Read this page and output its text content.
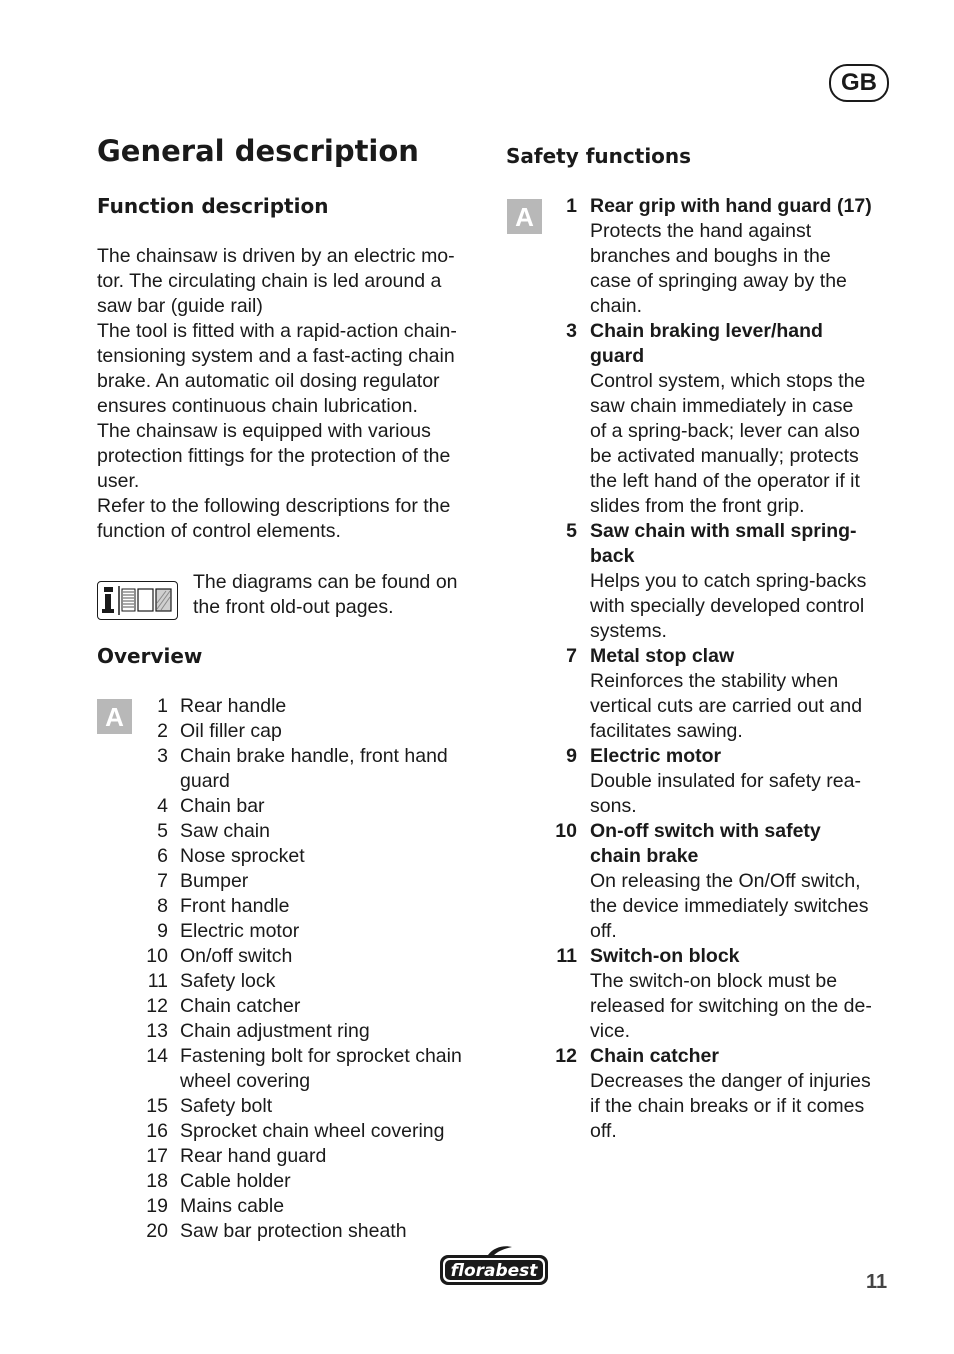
GB
General description
Function description

The chainsaw is driven by an electric mo-
tor. The circulating chain is led around a
saw bar (guide rail)
The tool is fitted with a rapid-action chain-
tensioning system and a fast-acting chain
brake. An automatic oil dosing regulator
ensures continuous chain lubrication.
The chainsaw is equipped with various
protection fittings for the protection of the
user.
Refer to the following descriptions for the
function of control elements.

The diagrams can be found on
the front old-out pages.
Overview
A	1 Rear handle
2 Oil filler cap
3 Chain brake handle, front hand
guard
4 Chain bar
5 Saw chain
6 Nose sprocket
7 Bumper
8 Front handle
9 Electric motor
10 On/off switch
11 Safety lock
12 Chain catcher
13 Chain adjustment ring
14 Fastening bolt for sprocket chain
wheel covering
15 Safety bolt
16 Sprocket chain wheel covering
17 Rear hand guard
18 Cable holder
19 Mains cable
20 Saw bar protection sheath
Safety functions
A	1 Rear grip with hand guard (17)
Protects the hand against
branches and boughs in the
case of springing away by the
chain.
3 Chain braking lever/hand
guard
Control system, which stops the
saw chain immediately in case
of a spring-back; lever can also
be activated manually; protects
the left hand of the operator if it
slides from the front grip.
5 Saw chain with small spring-
back
Helps you to catch spring-backs
with specially developed control
systems.
7 Metal stop claw
Reinforces the stability when
vertical cuts are carried out and
facilitates sawing.
9 Electric motor
Double insulated for safety rea-
sons.
10 On-off switch with safety
chain brake
On releasing the On/Off switch,
the device immediately switches
off.
11 Switch-on block
The switch-on block must be
released for switching on the de-
vice.
12 Chain catcher
Decreases the danger of injuries
if the chain breaks or if it comes
off.
florabest	11
